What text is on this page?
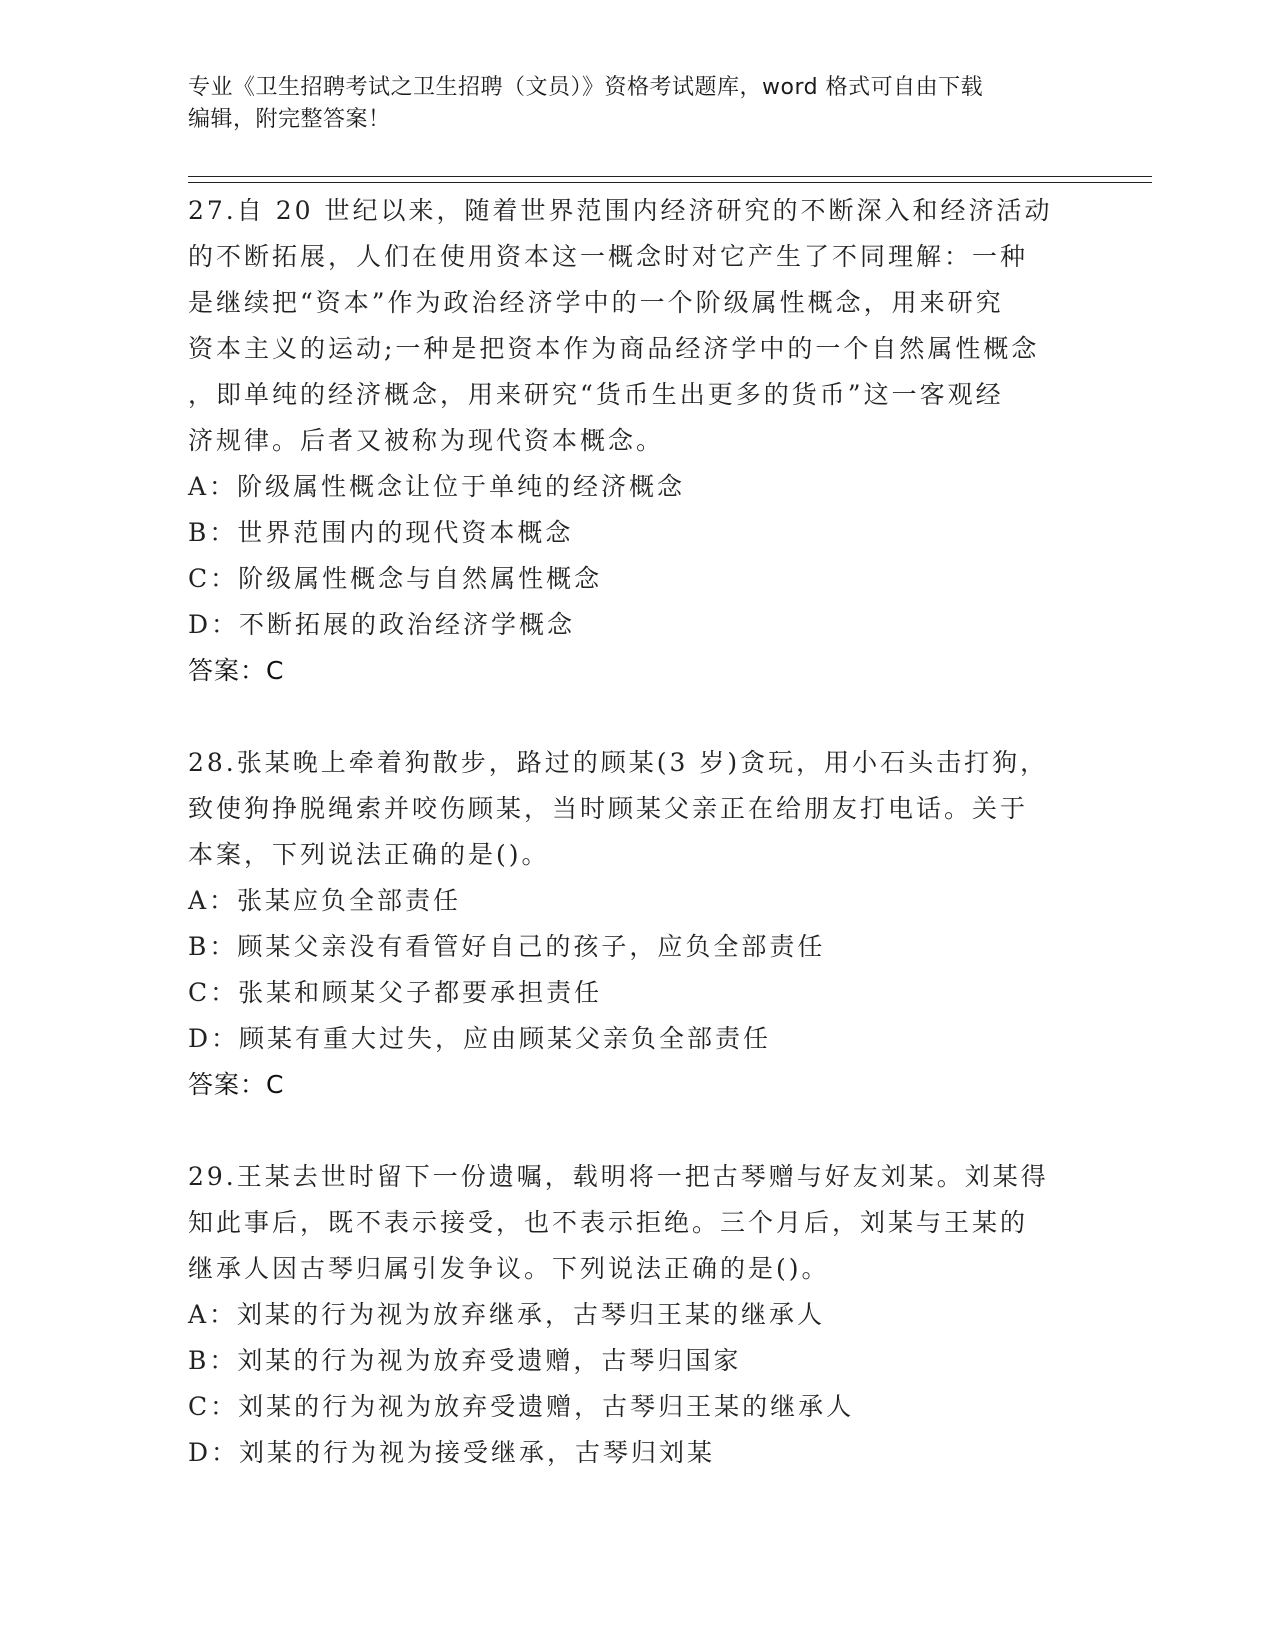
专业《卫生招聘考试之卫生招聘（文员）》资格考试题库，word 格式可自由下载
编辑，附完整答案！
27.自 20 世纪以来，随着世界范围内经济研究的不断深入和经济活动
的不断拓展，人们在使用资本这一概念时对它产生了不同理解：一种
是继续把“资本”作为政治经济学中的一个阶级属性概念，用来研究
资本主义的运动;一种是把资本作为商品经济学中的一个自然属性概念
，即单纯的经济概念，用来研究“货币生出更多的货币”这一客观经
济规律。后者又被称为现代资本概念。
A：阶级属性概念让位于单纯的经济概念
B：世界范围内的现代资本概念
C：阶级属性概念与自然属性概念
D：不断拓展的政治经济学概念
答案：C
28.张某晚上牵着狗散步，路过的顾某(3 岁)贪玩，用小石头击打狗，
致使狗挣脱绳索并咬伤顾某，当时顾某父亲正在给朋友打电话。关于
本案，下列说法正确的是()。
A：张某应负全部责任
B：顾某父亲没有看管好自己的孩子，应负全部责任
C：张某和顾某父子都要承担责任
D：顾某有重大过失，应由顾某父亲负全部责任
答案：C
29.王某去世时留下一份遗嘱，载明将一把古琴赠与好友刘某。刘某得
知此事后，既不表示接受，也不表示拒绝。三个月后，刘某与王某的
继承人因古琴归属引发争议。下列说法正确的是()。
A：刘某的行为视为放弃继承，古琴归王某的继承人
B：刘某的行为视为放弃受遗赠，古琴归国家
C：刘某的行为视为放弃受遗赠，古琴归王某的继承人
D：刘某的行为视为接受继承，古琴归刘某
